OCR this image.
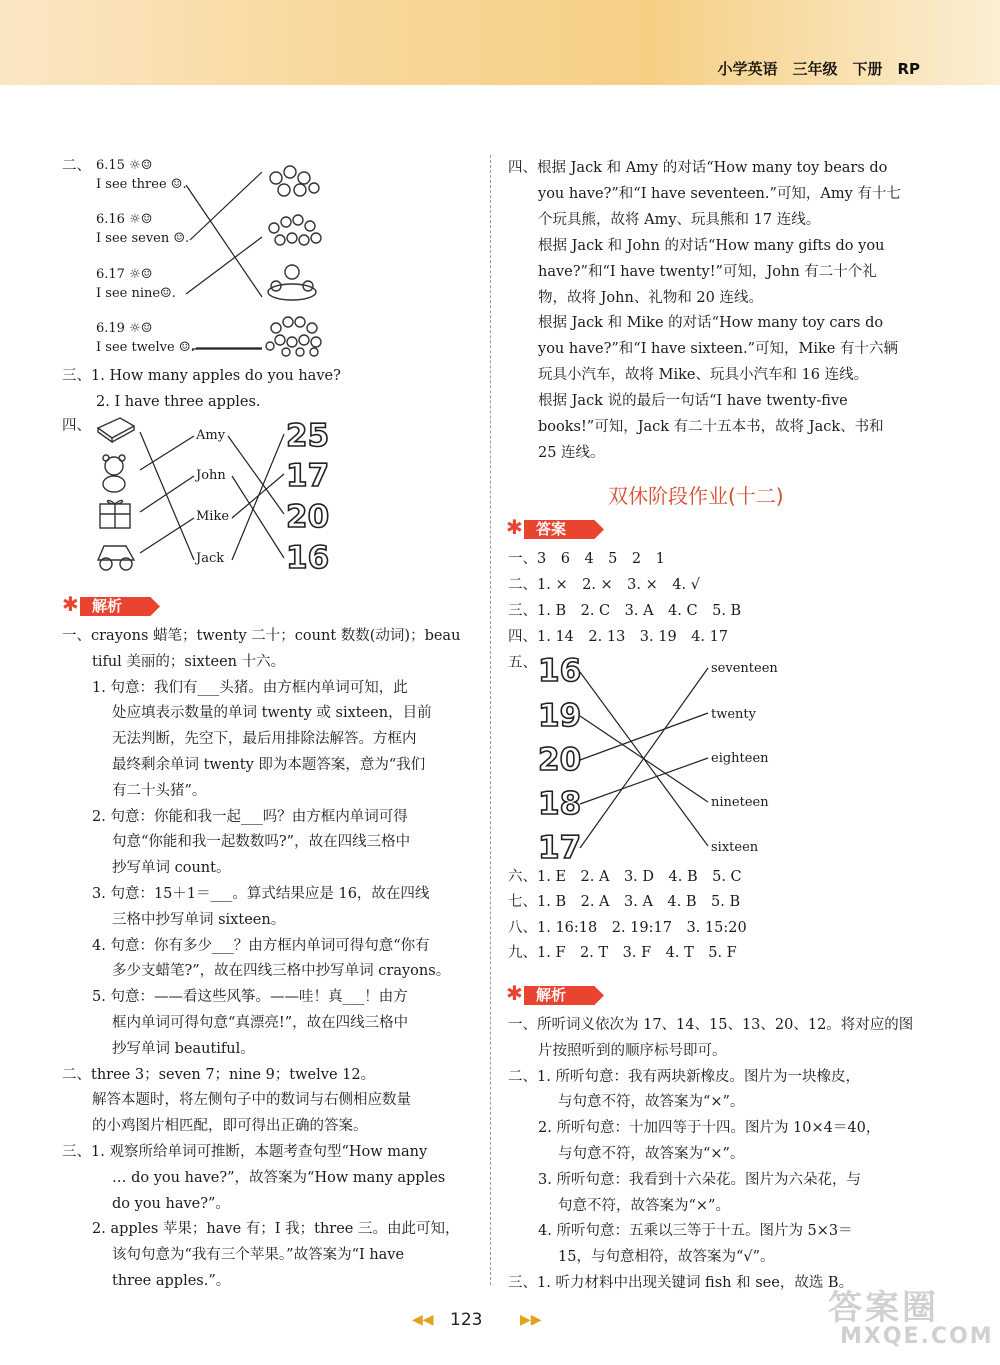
小学英语　三年级　下册　RP
二、 6.15 ☼☺
I see three ☺.
6.16 ☼☺
I see seven ☺.
6.17 ☼☺
I see nine☺.
6.19 ☼☺
I see twelve ☺.
三、1. How many apples do you have?
2. I have three apples.
四、
Amy
John
Mike
Jack
25
17
20
16
✱ 解析
一、crayons 蜡笔；twenty 二十；count 数数(动词)；beau
tiful 美丽的；sixteen 十六。
1. 句意：我们有___头猪。由方框内单词可知，此
处应填表示数量的单词 twenty 或 sixteen，目前
无法判断，先空下，最后用排除法解答。方框内
最终剩余单词 twenty 即为本题答案，意为“我们
有二十头猪”。
2. 句意：你能和我一起___吗？由方框内单词可得
句意“你能和我一起数数吗?”，故在四线三格中
抄写单词 count。
3. 句意：15＋1＝___。算式结果应是 16，故在四线
三格中抄写单词 sixteen。
4. 句意：你有多少___？由方框内单词可得句意“你有
多少支蜡笔?”，故在四线三格中抄写单词 crayons。
5. 句意：——看这些风筝。——哇！真___！由方
框内单词可得句意“真漂亮!”，故在四线三格中
抄写单词 beautiful。
二、three 3；seven 7；nine 9；twelve 12。
解答本题时，将左侧句子中的数词与右侧相应数量
的小鸡图片相匹配，即可得出正确的答案。
三、1. 观察所给单词可推断，本题考查句型“How many
… do you have?”，故答案为“How many apples
do you have?”。
2. apples 苹果；have 有；I 我；three 三。由此可知，
该句句意为“我有三个苹果。”故答案为“I have
three apples.”。
四、根据 Jack 和 Amy 的对话“How many toy bears do
you have?”和“I have seventeen.”可知，Amy 有十七
个玩具熊，故将 Amy、玩具熊和 17 连线。
根据 Jack 和 John 的对话“How many gifts do you
have?”和“I have twenty!”可知，John 有二十个礼
物，故将 John、礼物和 20 连线。
根据 Jack 和 Mike 的对话“How many toy cars do
you have?”和“I have sixteen.”可知，Mike 有十六辆
玩具小汽车，故将 Mike、玩具小汽车和 16 连线。
根据 Jack 说的最后一句话“I have twenty-five
books!”可知，Jack 有二十五本书，故将 Jack、书和
25 连线。
双休阶段作业(十二)
✱ 答案
一、3　6　4　5　2　1
二、1. ×　2. ×　3. ×　4. √
三、1. B　2. C　3. A　4. C　5. B
四、1. 14　2. 13　3. 19　4. 17
五、 16
19
20
18
17
seventeen
twenty
eighteen
nineteen
sixteen
六、1. E　2. A　3. D　4. B　5. C
七、1. B　2. A　3. A　4. B　5. B
八、1. 16:18　2. 19:17　3. 15:20
九、1. F　2. T　3. F　4. T　5. F
✱ 解析
一、所听词义依次为 17、14、15、13、20、12。将对应的图
片按照听到的顺序标号即可。
二、1. 所听句意：我有两块新橡皮。图片为一块橡皮，
与句意不符，故答案为“×”。
2. 所听句意：十加四等于十四。图片为 10×4＝40，
与句意不符，故答案为“×”。
3. 所听句意：我看到十六朵花。图片为六朵花，与
句意不符，故答案为“×”。
4. 所听句意：五乘以三等于十五。图片为 5×3＝
15，与句意相符，故答案为“√”。
三、1. 听力材料中出现关键词 fish 和 see，故选 B。
◀◀ 123	▶▶	答案圈
MXQE.COM
